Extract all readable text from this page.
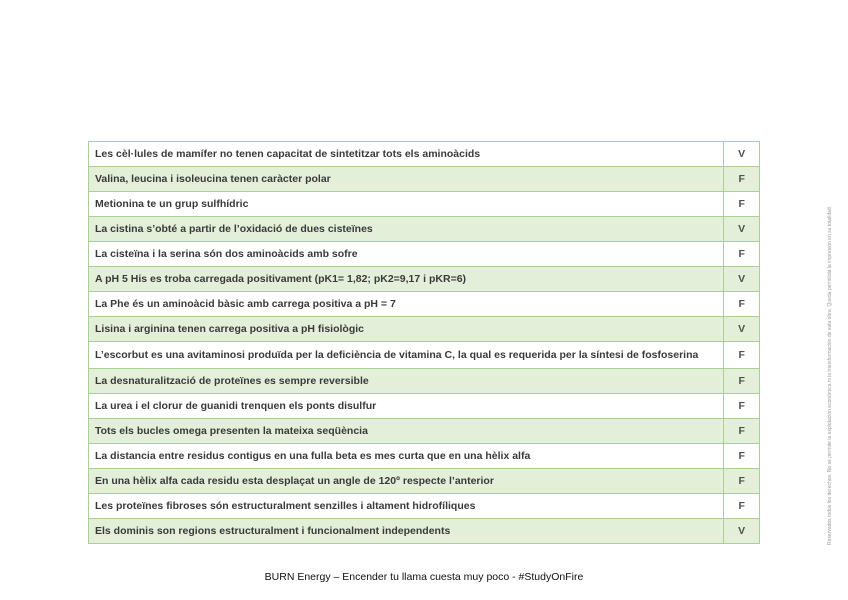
Les cèl·lules de mamífer no tenen capacitat de sintetitzar tots els aminoàcids	V
Valina, leucina i isoleucina tenen caràcter polar	F
Metionina te un grup sulfhídric	F
La cistina s’obté a partir de l’oxidació de dues cisteïnes	V
La cisteïna i la serina són dos aminoàcids amb sofre	F
A pH 5 His es troba carregada positivament (pK1= 1,82; pK2=9,17 i pKR=6)	V
La Phe és un aminoàcid bàsic amb carrega positiva a pH = 7	F
Lisina i arginina tenen carrega positiva a pH fisiològic	V
L’escorbut es una avitaminosi produïda per la deficiència de vitamina C, la qual es requerida per la síntesi de fosfoserina	F
La desnaturalització de proteïnes es sempre reversible	F
La urea i el clorur de guanidi trenquen els ponts disulfur	F
Tots els bucles omega presenten la mateixa seqüència	F
La distancia entre residus contigus en una fulla beta es mes curta que en una hèlix alfa	F
En una hèlix alfa cada residu esta desplaçat un angle de 120º respecte l’anterior	F
Les proteïnes fibroses són estructuralment senzilles i altament hidrofíliques	F
Els dominis son regions estructuralment i funcionalment independents	V
BURN Energy – Encender tu llama cuesta muy poco - #StudyOnFire
Reservados todos los derechos. No se permite la explotación económica ni la transformación de esta obra. Queda permitida la impresión en su totalidad.
